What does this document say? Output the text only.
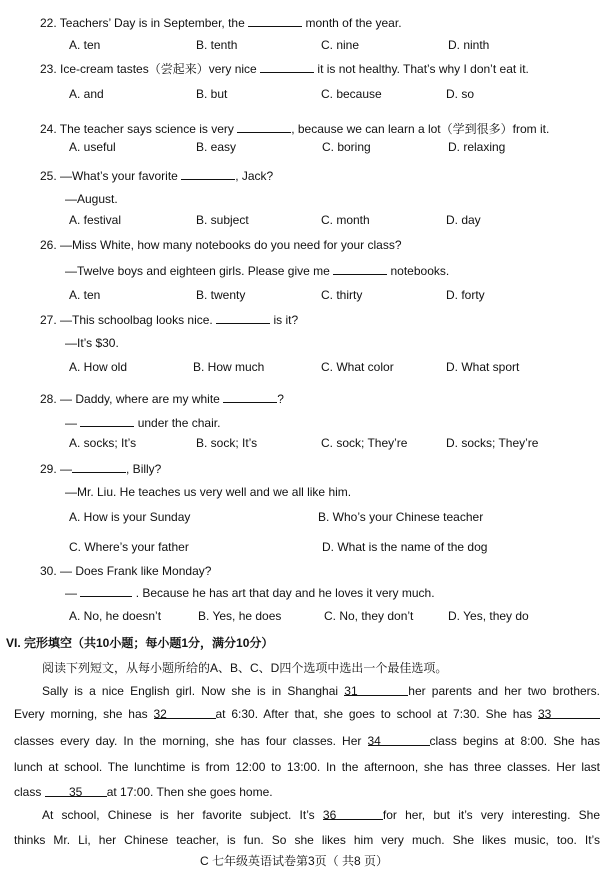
22. Teachers’ Day is in September, the	month of the year.
A. ten	B. tenth	C. nine	D. ninth
23. Ice-cream tastes（尝起来）very nice	it is not healthy. That’s why I don’t eat it.
A. and	B. but	C. because	D. so
24. The teacher says science is very	, because we can learn a lot（学到很多）from it.
A. useful	B. easy	C. boring	D. relaxing
25. —What’s your favorite	, Jack?
—August.
A. festival	B. subject	C. month	D. day
26. —Miss White, how many notebooks do you need for your class?
—Twelve boys and eighteen girls. Please give me	notebooks.
A. ten	B. twenty	C. thirty	D. forty
27. —This schoolbag looks nice.	is it?
—It’s $30.
A. How old	B. How much	C. What color	D. What sport
28. — Daddy, where are my white	?
—	under the chair.
A. socks; It’s	B. sock; It’s	C. sock; They’re	D. socks; They’re
29. —	, Billy?
—Mr. Liu. He teaches us very well and we all like him.
A. How is your Sunday	B. Who’s your Chinese teacher
C. Where’s your father	D. What is the name of the dog
30. — Does Frank like Monday?
—	. Because he has art that day and he loves it very much.
A. No, he doesn’t	B. Yes, he does	C. No, they don’t	D. Yes, they do
VI. 完形填空（共10小题；每小题1分，满分10分）
阅读下列短文，从每小题所给的A、B、C、D四个选项中选出一个最佳选项。
Sally is a nice English girl. Now she is in Shanghai 31	her parents and her two brothers.
Every morning, she has 32	at 6:30. After that, she goes to school at 7:30. She has 33
classes every day. In the morning, she has four classes. Her 34	class begins at 8:00. She has
lunch at school. The lunchtime is from 12:00 to 13:00. In the afternoon, she has three classes. Her last
class 35 at 17:00. Then she goes home.
At school, Chinese is her favorite subject. It’s 36	for her, but it’s very interesting. She
thinks Mr. Li, her Chinese teacher, is fun. So she likes him very much. She likes music, too. It’s
C 七年级英语试卷第3页（ 共8 页）
